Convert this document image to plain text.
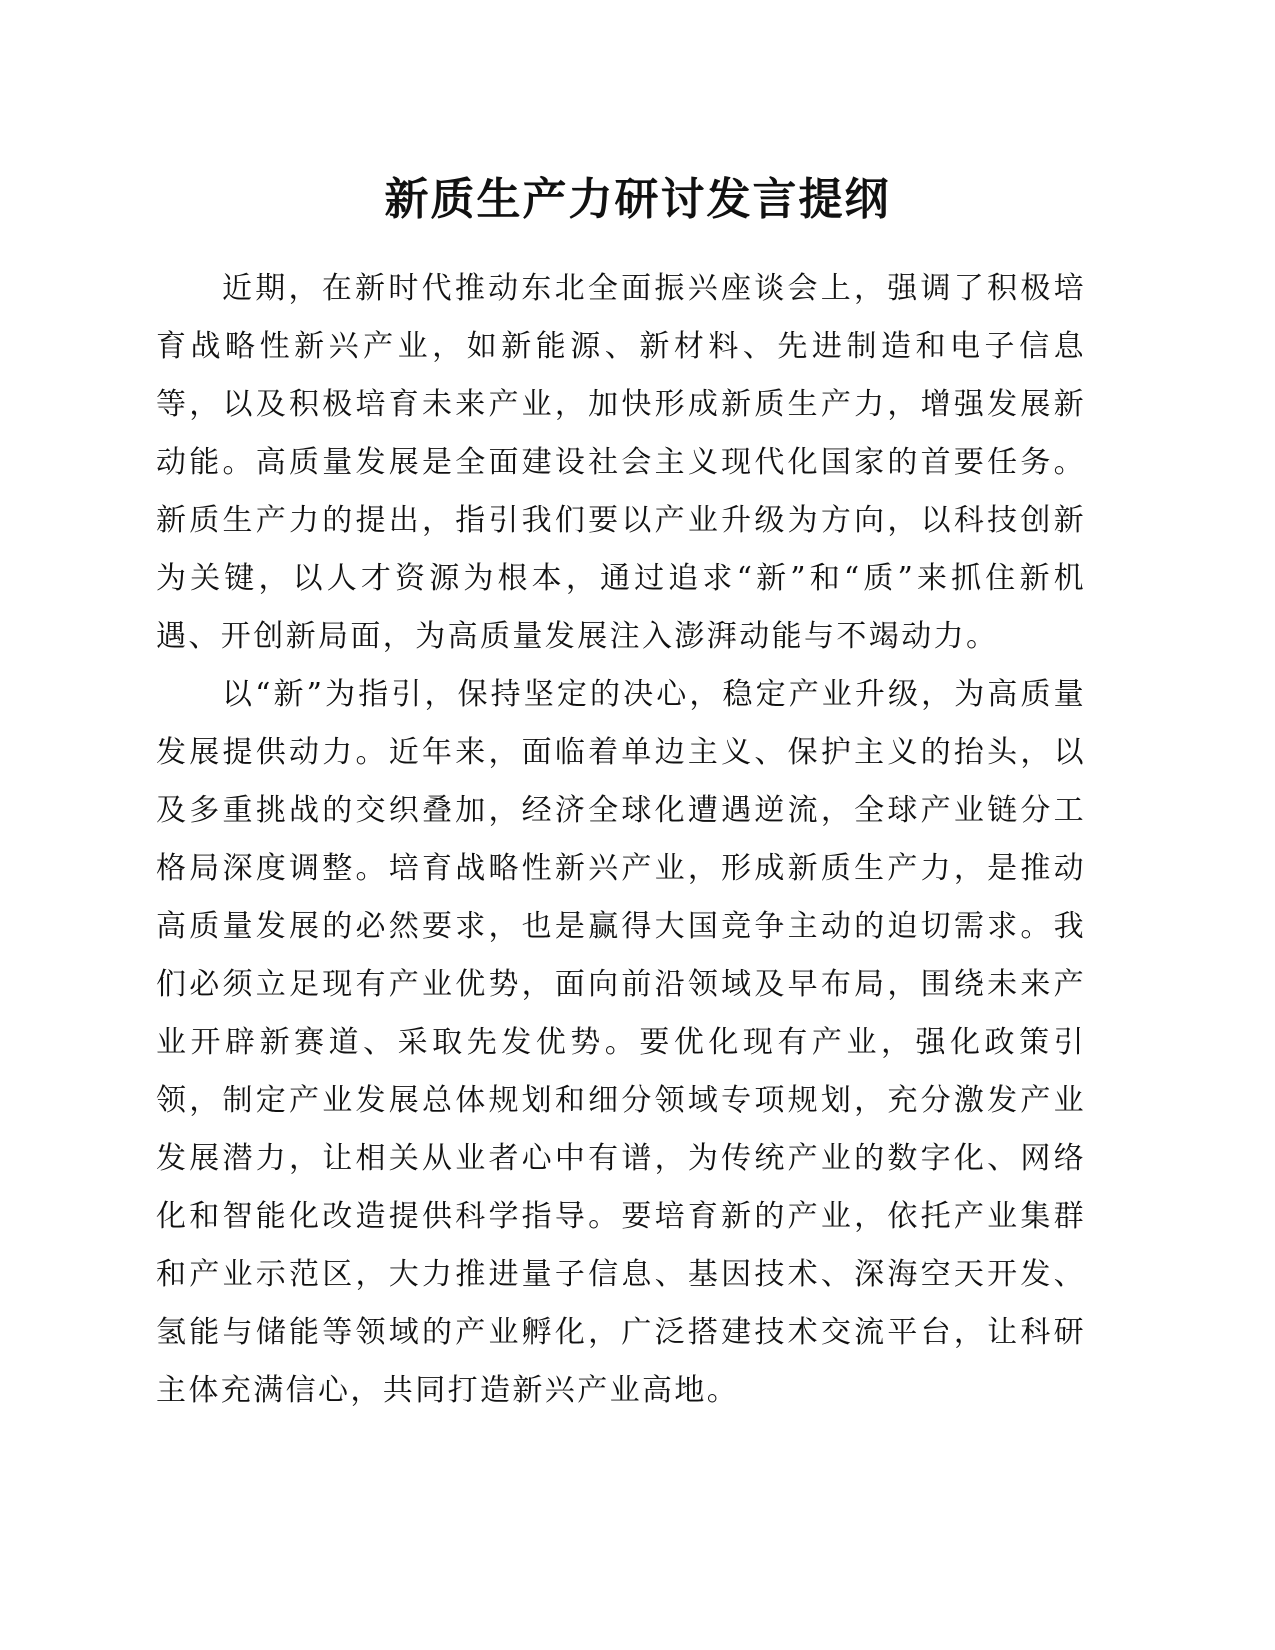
新质生产力研讨发言提纲

近期，在新时代推动东北全面振兴座谈会上，强调了积极培育战略性新兴产业，如新能源、新材料、先进制造和电子信息等，以及积极培育未来产业，加快形成新质生产力，增强发展新动能。高质量发展是全面建设社会主义现代化国家的首要任务。新质生产力的提出，指引我们要以产业升级为方向，以科技创新为关键，以人才资源为根本，通过追求“新”和“质”来抓住新机遇、开创新局面，为高质量发展注入澎湃动能与不竭动力。

以“新”为指引，保持坚定的决心，稳定产业升级，为高质量发展提供动力。近年来，面临着单边主义、保护主义的抬头，以及多重挑战的交织叠加，经济全球化遭遇逆流，全球产业链分工格局深度调整。培育战略性新兴产业，形成新质生产力，是推动高质量发展的必然要求，也是赢得大国竞争主动的迫切需求。我们必须立足现有产业优势，面向前沿领域及早布局，围绕未来产业开辟新赛道、采取先发优势。要优化现有产业，强化政策引领，制定产业发展总体规划和细分领域专项规划，充分激发产业发展潜力，让相关从业者心中有谱，为传统产业的数字化、网络化和智能化改造提供科学指导。要培育新的产业，依托产业集群和产业示范区，大力推进量子信息、基因技术、深海空天开发、氢能与储能等领域的产业孵化，广泛搭建技术交流平台，让科研主体充满信心，共同打造新兴产业高地。
